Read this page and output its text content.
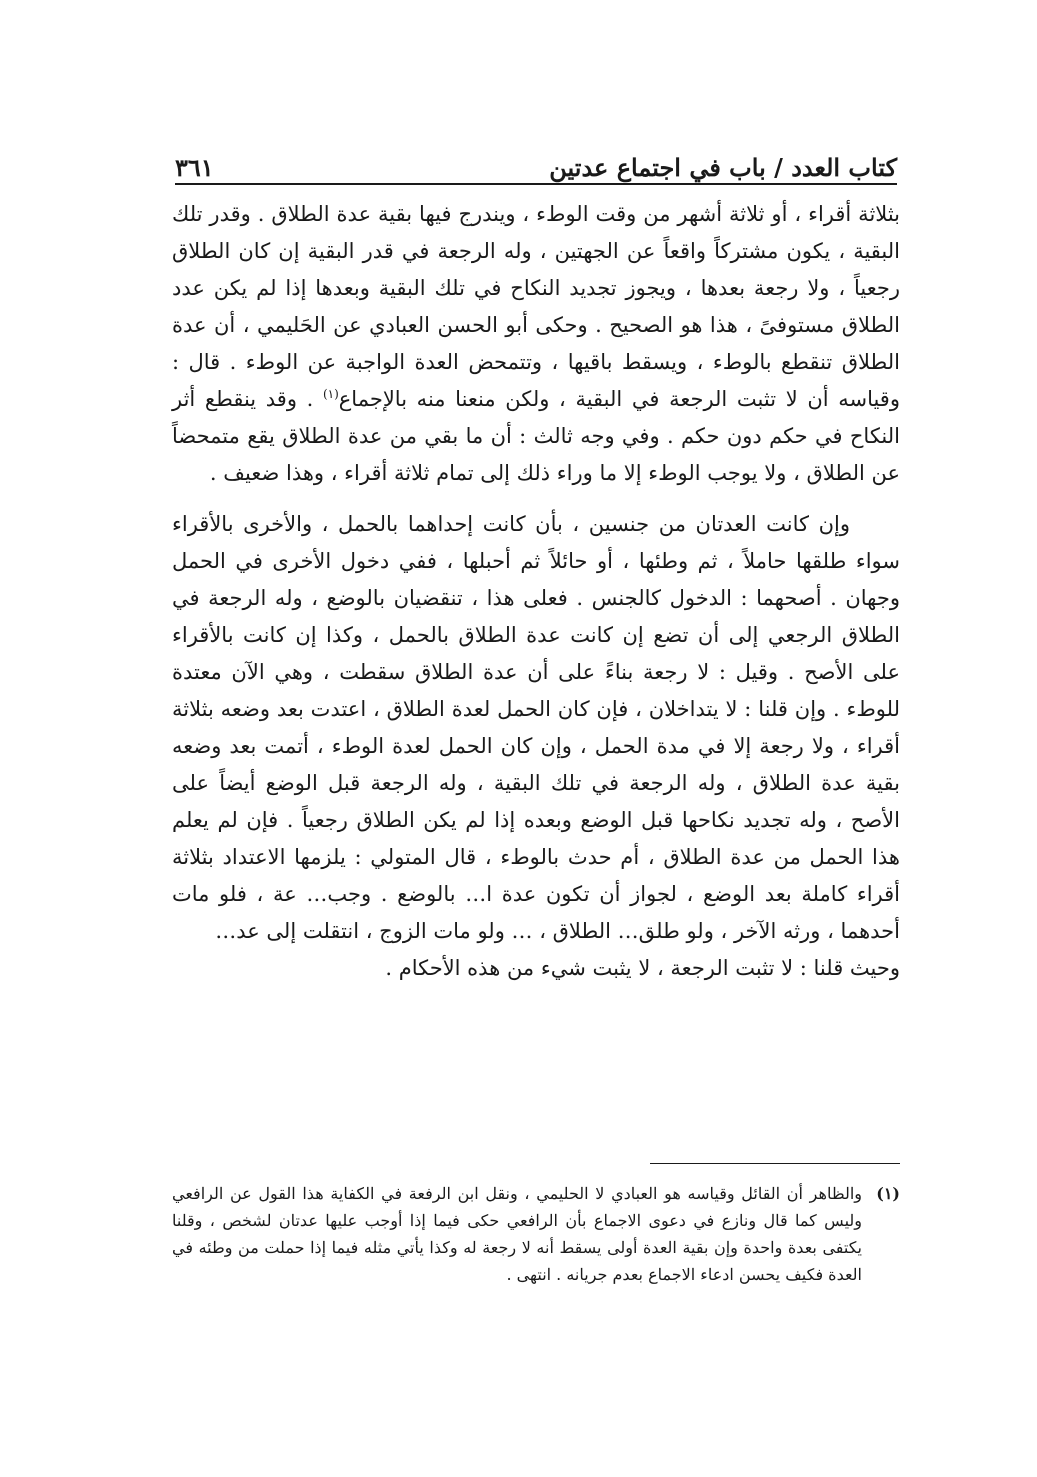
كتاب العدد / باب في اجتماع عدتين
٣٦١

بثلاثة أقراء ، أو ثلاثة أشهر من وقت الوطء ، ويندرج فيها بقية عدة الطلاق . وقدر تلك البقية ، يكون مشتركاً واقعاً عن الجهتين ، وله الرجعة في قدر البقية إن كان الطلاق رجعياً ، ولا رجعة بعدها ، ويجوز تجديد النكاح في تلك البقية وبعدها إذا لم يكن عدد الطلاق مستوفىً ، هذا هو الصحيح . وحكى أبو الحسن العبادي عن الحَليمي ، أن عدة الطلاق تنقطع بالوطء ، ويسقط باقيها ، وتتمحض العدة الواجبة عن الوطء . قال : وقياسه أن لا تثبت الرجعة في البقية ، ولكن منعنا منه بالإجماع$^{(١)}$ . وقد ينقطع أثر النكاح في حكم دون حكم . وفي وجه ثالث : أن ما بقي من عدة الطلاق يقع متمحضاً عن الطلاق ، ولا يوجب الوطء إلا ما وراء ذلك إلى تمام ثلاثة أقراء ، وهذا ضعيف .

وإن كانت العدتان من جنسين ، بأن كانت إحداهما بالحمل ، والأخرى بالأقراء سواء طلقها حاملاً ، ثم وطئها ، أو حائلاً ثم أحبلها ، ففي دخول الأخرى في الحمل وجهان . أصحهما : الدخول كالجنس . فعلى هذا ، تنقضيان بالوضع ، وله الرجعة في الطلاق الرجعي إلى أن تضع إن كانت عدة الطلاق بالحمل ، وكذا إن كانت بالأقراء على الأصح . وقيل : لا رجعة بناءً على أن عدة الطلاق سقطت ، وهي الآن معتدة للوطء . وإن قلنا : لا يتداخلان ، فإن كان الحمل لعدة الطلاق ، اعتدت بعد وضعه بثلاثة أقراء ، ولا رجعة إلا في مدة الحمل ، وإن كان الحمل لعدة الوطء ، أتمت بعد وضعه بقية عدة الطلاق ، وله الرجعة في تلك البقية ، وله الرجعة قبل الوضع أيضاً على الأصح ، وله تجديد نكاحها قبل الوضع وبعده إذا لم يكن الطلاق رجعياً . فإن لم يعلم هذا الحمل من عدة الطلاق ، أم حدث بالوطء ، قال المتولي : يلزمها الاعتداد بثلاثة أقراء كاملة بعد الوضع ، لجواز أن تكون عدة ا… بالوضع . وجب… عة ، فلو مات أحدهما ، ورثه الآخر ، ولو طلق… الطلاق ، … ولو مات الزوج ، انتقلت إلى عد…

وحيث قلنا : لا تثبت الرجعة ، لا يثبت شيء من هذه الأحكام .

(١)
والظاهر أن القائل وقياسه هو العبادي لا الحليمي ، ونقل ابن الرفعة في الكفاية هذا القول عن الرافعي وليس كما قال ونازع في دعوى الاجماع بأن الرافعي حكى فيما إذا أوجب عليها عدتان لشخص ، وقلنا يكتفى بعدة واحدة وإن بقية العدة أولى يسقط أنه لا رجعة له وكذا يأتي مثله فيما إذا حملت من وطئه في العدة فكيف يحسن ادعاء الاجماع بعدم جريانه . انتهى .
